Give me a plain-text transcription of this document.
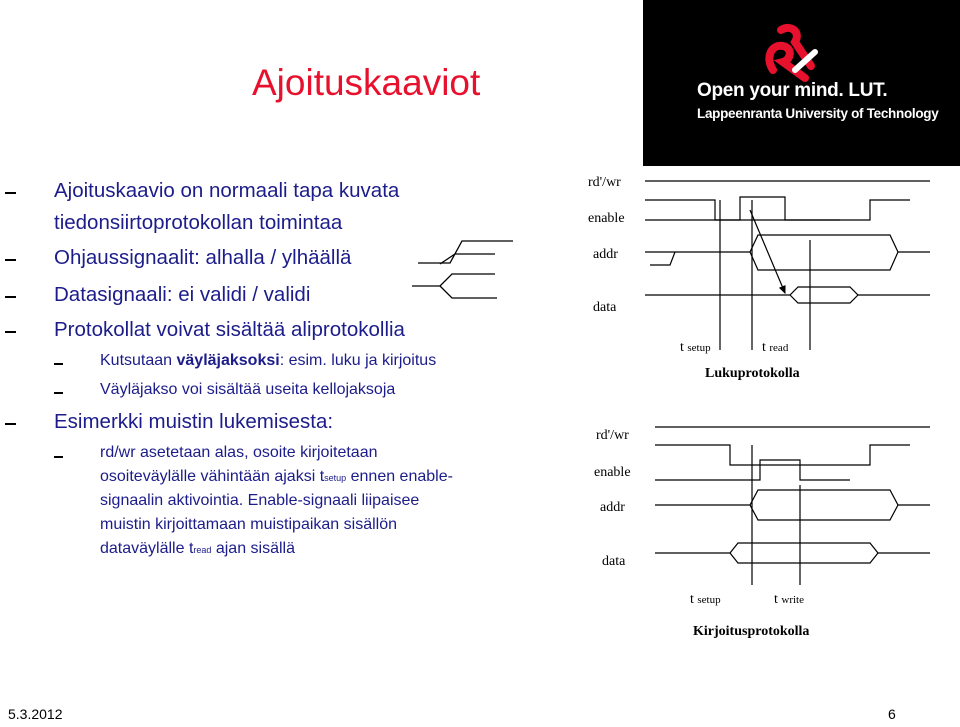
Ajoituskaaviot	Open your mind. LUT.
Lappeenranta University of Technology
Ajoituskaavio on normaali tapa kuvata
tiedonsiirtoprotokollan toimintaa
Ohjaussignaalit: alhalla / ylhäällä
Datasignaali: ei validi / validi
Protokollat voivat sisältää aliprotokollia
Kutsutaan väyläjaksoksi: esim. luku ja kirjoitus
Väyläjakso voi sisältää useita kellojaksoja
Esimerkki muistin lukemisesta:
rd/wr asetetaan alas, osoite kirjoitetaan
osoiteväylälle vähintään ajaksi tsetup ennen enable-
signaalin aktivointia. Enable-signaali liipaisee
muistin kirjoittamaan muistipaikan sisällön
dataväylälle tread ajan sisällä
rd'/wr
enable
addr
data
t setup	t read
Lukuprotokolla
rd'/wr
enable
addr
data
t setup	t write
Kirjoitusprotokolla
5.3.2012	6
